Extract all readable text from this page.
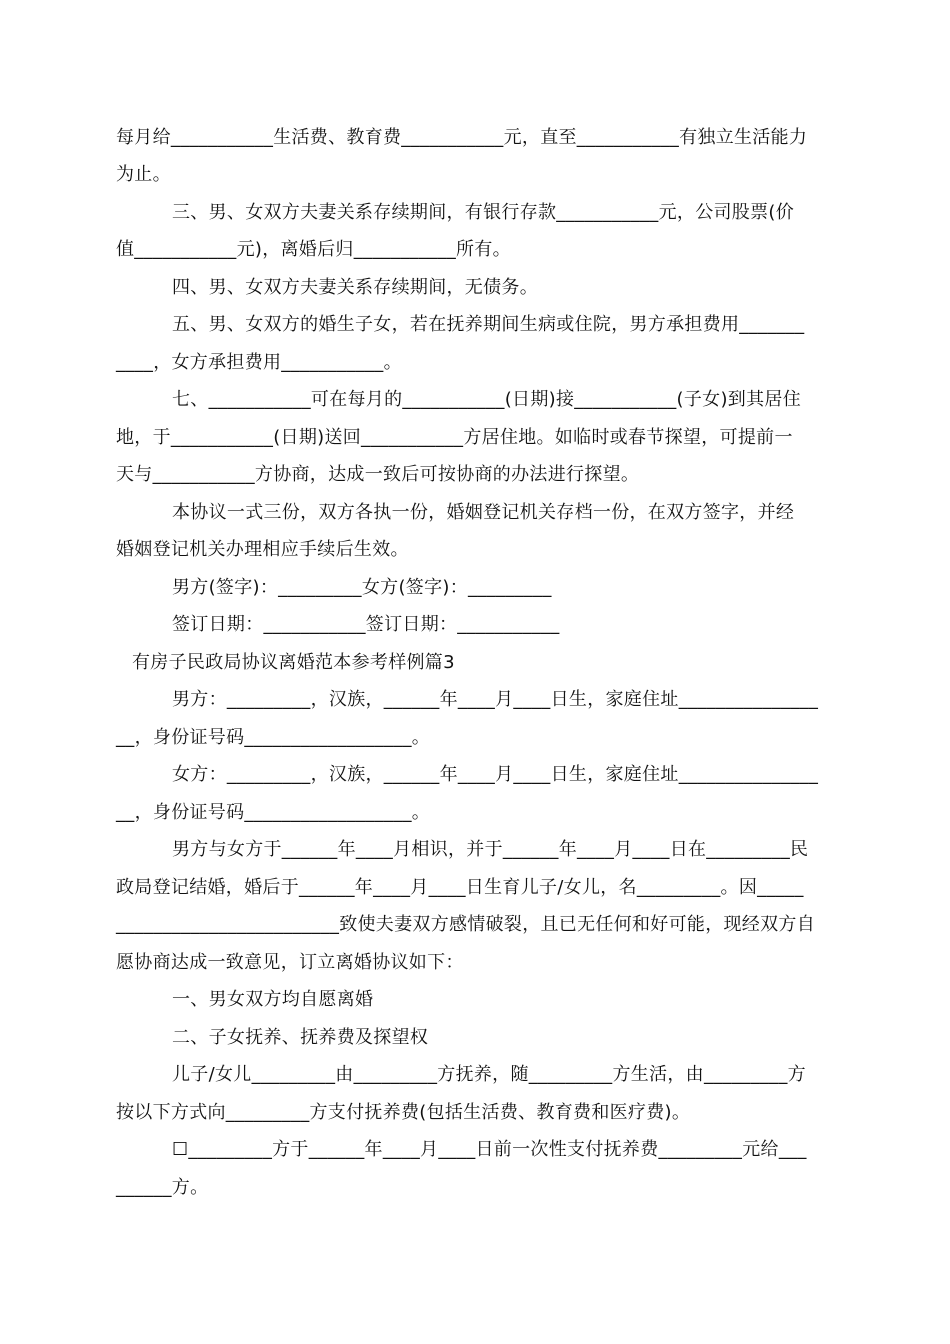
每月给___________生活费、教育费___________元，直至___________有独立生活能力
为止。
三、男、女双方夫妻关系存续期间，有银行存款___________元，公司股票(价
值___________元)，离婚后归___________所有。
四、男、女双方夫妻关系存续期间，无债务。
五、男、女双方的婚生子女，若在抚养期间生病或住院，男方承担费用_______
____，女方承担费用___________。
七、___________可在每月的___________(日期)接___________(子女)到其居住
地，于___________(日期)送回___________方居住地。如临时或春节探望，可提前一
天与___________方协商，达成一致后可按协商的办法进行探望。
本协议一式三份，双方各执一份，婚姻登记机关存档一份，在双方签字，并经
婚姻登记机关办理相应手续后生效。
男方(签字)：_________女方(签字)：_________
签订日期：___________签订日期：___________
有房子民政局协议离婚范本参考样例篇3
男方：_________，汉族，______年____月____日生，家庭住址_______________
__，身份证号码__________________。
女方：_________，汉族，______年____月____日生，家庭住址_______________
__，身份证号码__________________。
男方与女方于______年____月相识，并于______年____月____日在_________民
政局登记结婚，婚后于______年____月____日生育儿子/女儿，名_________。因_____
________________________致使夫妻双方感情破裂，且已无任何和好可能，现经双方自
愿协商达成一致意见，订立离婚协议如下：
一、男女双方均自愿离婚
二、子女抚养、抚养费及探望权
儿子/女儿_________由_________方抚养，随_________方生活，由_________方
按以下方式向_________方支付抚养费(包括生活费、教育费和医疗费)。
☐_________方于______年____月____日前一次性支付抚养费_________元给___
______方。
